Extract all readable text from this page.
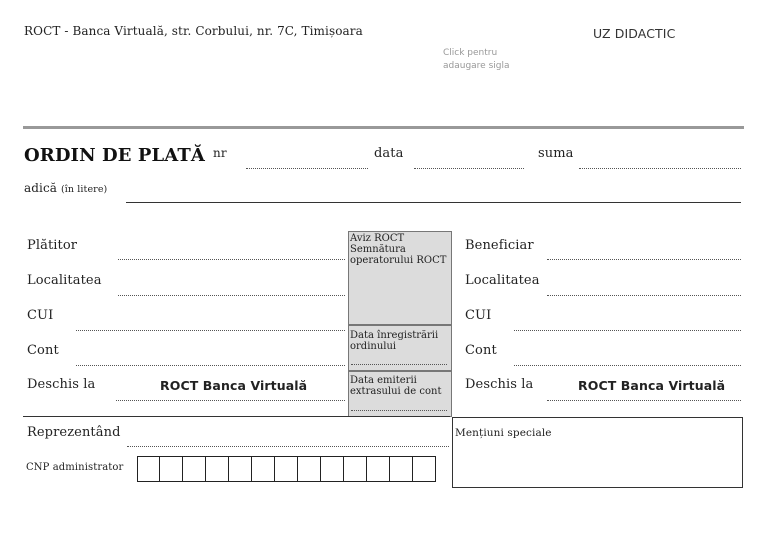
ROCT - Banca Virtuală, str. Corbului, nr. 7C, Timișoara
Click pentru
adaugare sigla
UZ DIDACTIC
ORDIN DE PLATĂ nr	data	suma
adică (în litere)
Plătitor
Localitatea
CUI
Cont
Deschis la	ROCT Banca Virtuală
Aviz ROCT
Semnătura
operatorului ROCT
Data înregistrării
ordinului
Data emiterii
extrasului de cont
Beneficiar
Localitatea
CUI
Cont
Deschis la	ROCT Banca Virtuală
Reprezentând
CNP administrator
Mențiuni speciale
